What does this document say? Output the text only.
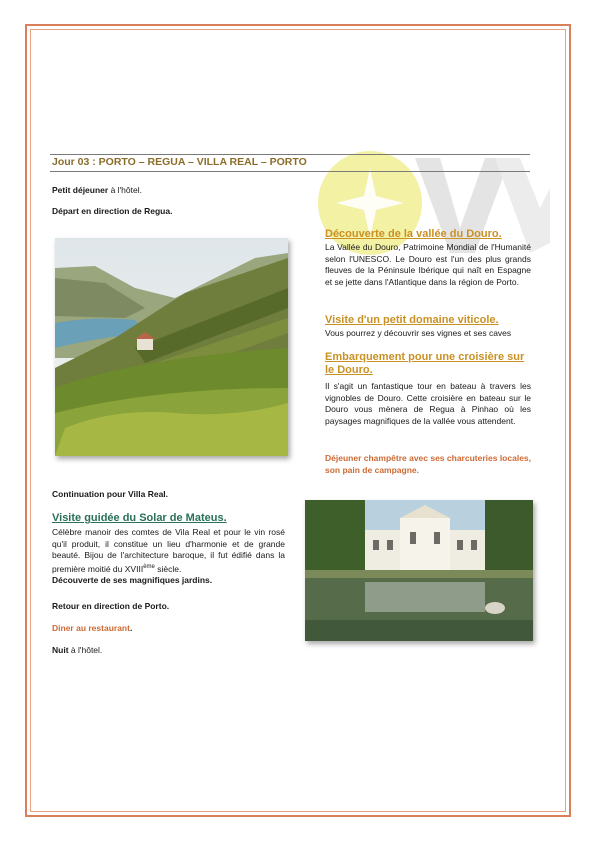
Jour 03 : PORTO – REGUA – VILLA REAL – PORTO

Petit déjeuner à l'hôtel.

Départ en direction de Regua.

Continuation pour Villa Real.

Visite guidée du Solar de Mateus.

Célèbre manoir des comtes de Vila Real et pour le vin rosé qu'il produit, il constitue un lieu d'harmonie et de grande beauté. Bijou de l'architecture baroque, il fut édifié dans la première moitié du XVIIIème siècle.
Découverte de ses magnifiques jardins.

Retour en direction de Porto.

Diner au restaurant.

Nuit à l'hôtel.

Découverte de la vallée du Douro.

La Vallée du Douro, Patrimoine Mondial de l'Humanité selon l'UNESCO. Le Douro est l'un des plus grands fleuves de la Péninsule Ibérique qui naît en Espagne et se jette dans l'Atlantique dans la région de Porto.

Visite d'un petit domaine viticole.

Vous pourrez y découvrir ses vignes et ses caves

Embarquement pour une croisière sur le Douro.

Il s'agit un fantastique tour en bateau à travers les vignobles de Douro. Cette croisière en bateau sur le Douro vous mènera de Regua à Pinhao où les paysages magnifiques de la vallée vous attendent.

Déjeuner champêtre avec ses charcuteries locales, son pain de campagne.
